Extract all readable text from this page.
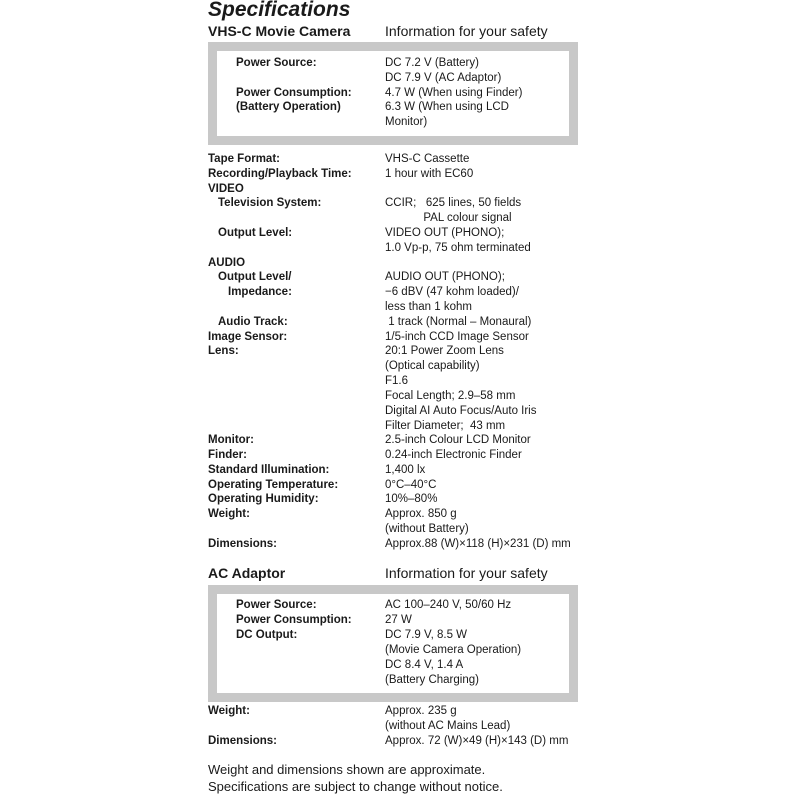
Specifications
VHS-C Movie Camera Information for your safety
Power Source:	DC 7.2 V (Battery)
DC 7.9 V (AC Adaptor)
Power Consumption:	4.7 W (When using Finder)
(Battery Operation)	6.3 W (When using LCD
Monitor)
Tape Format:	VHS-C Cassette
Recording/Playback Time:	1 hour with EC60
VIDEO
Television System:	CCIR;   625 lines, 50 fields
PAL colour signal
Output Level:	VIDEO OUT (PHONO);
1.0 Vp-p, 75 ohm terminated
AUDIO
Output Level/	AUDIO OUT (PHONO);
Impedance:	−6 dBV (47 kohm loaded)/
less than 1 kohm
Audio Track:	1 track (Normal – Monaural)
Image Sensor:	1/5-inch CCD Image Sensor
Lens:	20:1 Power Zoom Lens
(Optical capability)
F1.6
Focal Length; 2.9–58 mm
Digital AI Auto Focus/Auto Iris
Filter Diameter;  43 mm
Monitor:	2.5-inch Colour LCD Monitor
Finder:	0.24-inch Electronic Finder
Standard Illumination:	1,400 lx
Operating Temperature:	0°C–40°C
Operating Humidity:	10%–80%
Weight:	Approx. 850 g
(without Battery)
Dimensions:	Approx.88 (W)×118 (H)×231 (D) mm
AC Adaptor	Information for your safety
Power Source:	AC 100–240 V, 50/60 Hz
Power Consumption:	27 W
DC Output:	DC 7.9 V, 8.5 W
(Movie Camera Operation)
DC 8.4 V, 1.4 A
(Battery Charging)
Weight:	Approx. 235 g
(without AC Mains Lead)
Dimensions:	Approx. 72 (W)×49 (H)×143 (D) mm
Weight and dimensions shown are approximate.
Specifications are subject to change without notice.
